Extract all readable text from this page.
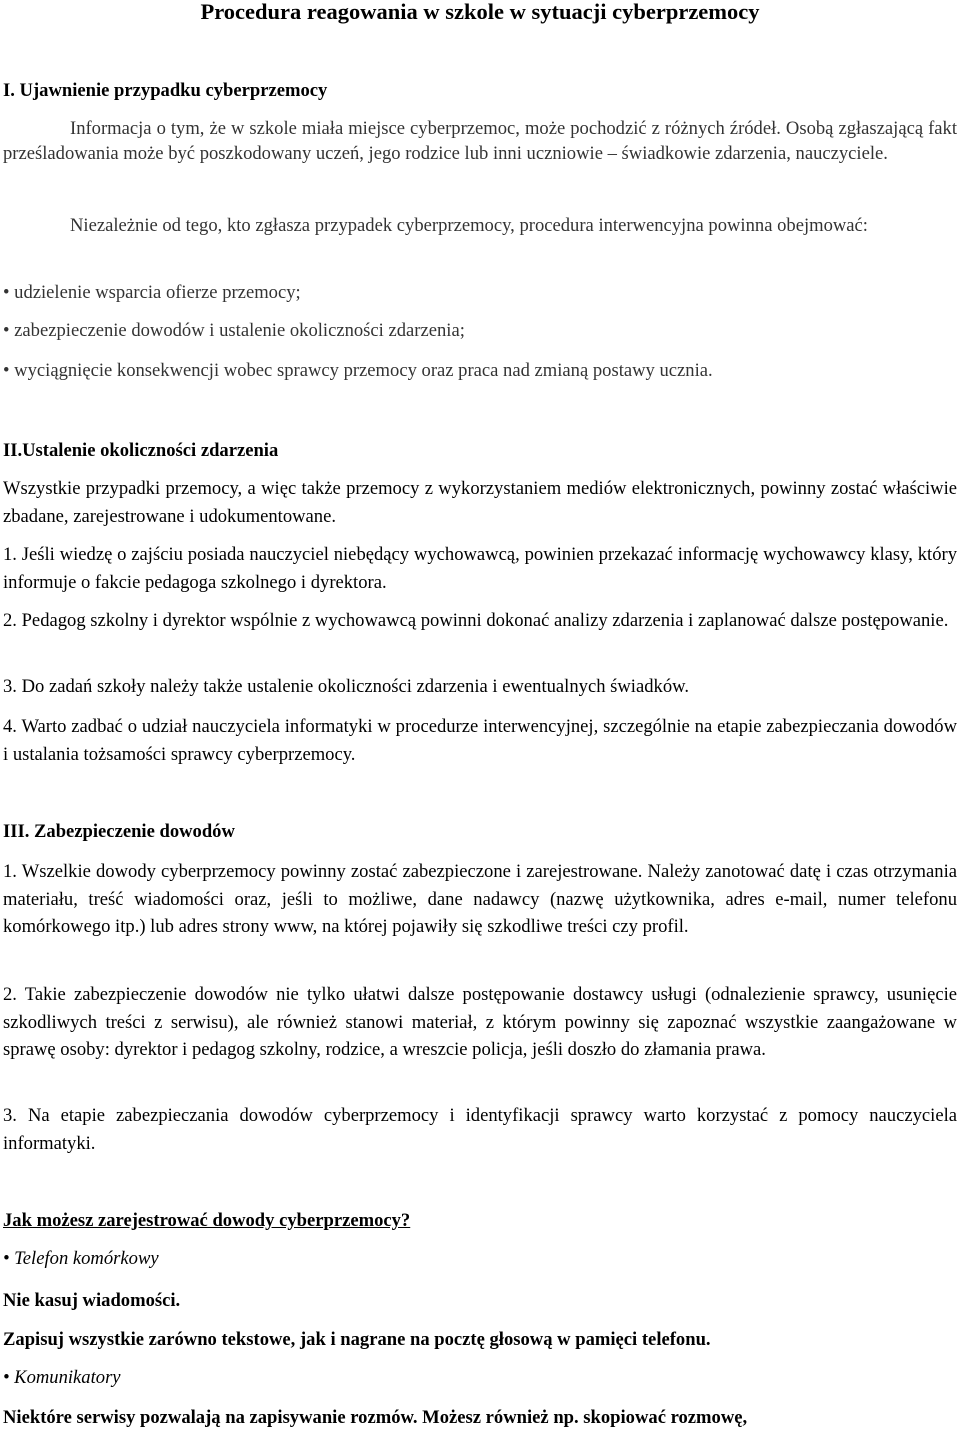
Procedura reagowania w szkole w sytuacji cyberprzemocy
I. Ujawnienie przypadku cyberprzemocy
Informacja o tym, że w szkole miała miejsce cyberprzemoc, może pochodzić z różnych źródeł. Osobą zgłaszającą fakt prześladowania może być poszkodowany uczeń, jego rodzice lub inni uczniowie – świadkowie zdarzenia, nauczyciele.
Niezależnie od tego, kto zgłasza przypadek cyberprzemocy, procedura interwencyjna powinna obejmować:
• udzielenie wsparcia ofierze przemocy;
• zabezpieczenie dowodów i ustalenie okoliczności zdarzenia;
• wyciągnięcie konsekwencji wobec sprawcy przemocy oraz praca nad zmianą postawy ucznia.
II.Ustalenie okoliczności zdarzenia
Wszystkie przypadki przemocy, a więc także przemocy z wykorzystaniem mediów elektronicznych, powinny zostać właściwie zbadane, zarejestrowane i udokumentowane.
1. Jeśli wiedzę o zajściu posiada nauczyciel niebędący wychowawcą, powinien przekazać informację wychowawcy klasy, który informuje o fakcie pedagoga szkolnego i dyrektora.
2. Pedagog szkolny i dyrektor wspólnie z wychowawcą powinni dokonać analizy zdarzenia i zaplanować dalsze postępowanie.
3. Do zadań szkoły należy także ustalenie okoliczności zdarzenia i ewentualnych świadków.
4. Warto zadbać o udział nauczyciela informatyki w procedurze interwencyjnej, szczególnie na etapie zabezpieczania dowodów i ustalania tożsamości sprawcy cyberprzemocy.
III. Zabezpieczenie dowodów
1. Wszelkie dowody cyberprzemocy powinny zostać zabezpieczone i zarejestrowane. Należy zanotować datę i czas otrzymania materiału, treść wiadomości oraz, jeśli to możliwe, dane nadawcy (nazwę użytkownika, adres e-mail, numer telefonu komórkowego itp.) lub adres strony www, na której pojawiły się szkodliwe treści czy profil.
2. Takie zabezpieczenie dowodów nie tylko ułatwi dalsze postępowanie dostawcy usługi (odnalezienie sprawcy, usunięcie szkodliwych treści z serwisu), ale również stanowi materiał, z którym powinny się zapoznać wszystkie zaangażowane w sprawę osoby: dyrektor i pedagog szkolny, rodzice, a wreszcie policja, jeśli doszło do złamania prawa.
3. Na etapie zabezpieczania dowodów cyberprzemocy i identyfikacji sprawcy warto korzystać z pomocy nauczyciela informatyki.
Jak możesz zarejestrować dowody cyberprzemocy?
• Telefon komórkowy
Nie kasuj wiadomości.
Zapisuj wszystkie zarówno tekstowe, jak i nagrane na pocztę głosową w pamięci telefonu.
• Komunikatory
Niektóre serwisy pozwalają na zapisywanie rozmów. Możesz również np. skopiować rozmowę,
